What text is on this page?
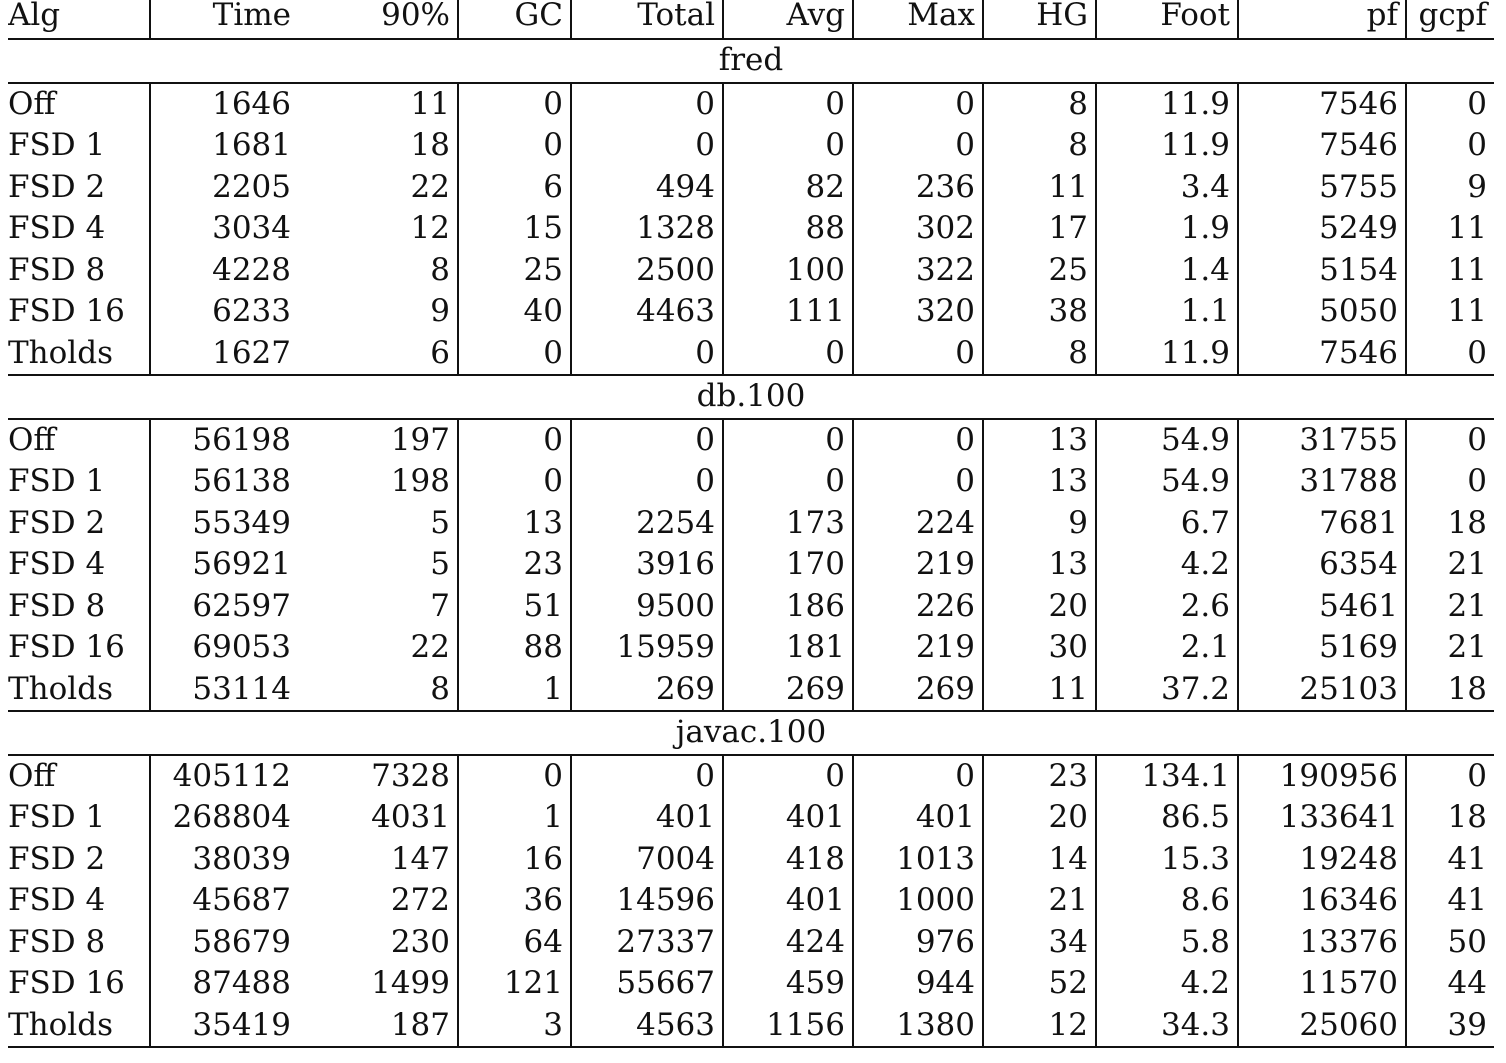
Alg	Time	90%	GC	Total	Avg	Max	HG	Foot	pf	gcpf
fred										
Off	1646	11	0	0	0	0	8	11.9	7546	0
FSD 1	1681	18	0	0	0	0	8	11.9	7546	0
FSD 2	2205	22	6	494	82	236	11	3.4	5755	9
FSD 4	3034	12	15	1328	88	302	17	1.9	5249	11
FSD 8	4228	8	25	2500	100	322	25	1.4	5154	11
FSD 16	6233	9	40	4463	111	320	38	1.1	5050	11
Tholds	1627	6	0	0	0	0	8	11.9	7546	0
db.100										
Off	56198	197	0	0	0	0	13	54.9	31755	0
FSD 1	56138	198	0	0	0	0	13	54.9	31788	0
FSD 2	55349	5	13	2254	173	224	9	6.7	7681	18
FSD 4	56921	5	23	3916	170	219	13	4.2	6354	21
FSD 8	62597	7	51	9500	186	226	20	2.6	5461	21
FSD 16	69053	22	88	15959	181	219	30	2.1	5169	21
Tholds	53114	8	1	269	269	269	11	37.2	25103	18
javac.100										
Off	405112	7328	0	0	0	0	23	134.1	190956	0
FSD 1	268804	4031	1	401	401	401	20	86.5	133641	18
FSD 2	38039	147	16	7004	418	1013	14	15.3	19248	41
FSD 4	45687	272	36	14596	401	1000	21	8.6	16346	41
FSD 8	58679	230	64	27337	424	976	34	5.8	13376	50
FSD 16	87488	1499	121	55667	459	944	52	4.2	11570	44
Tholds	35419	187	3	4563	1156	1380	12	34.3	25060	39
